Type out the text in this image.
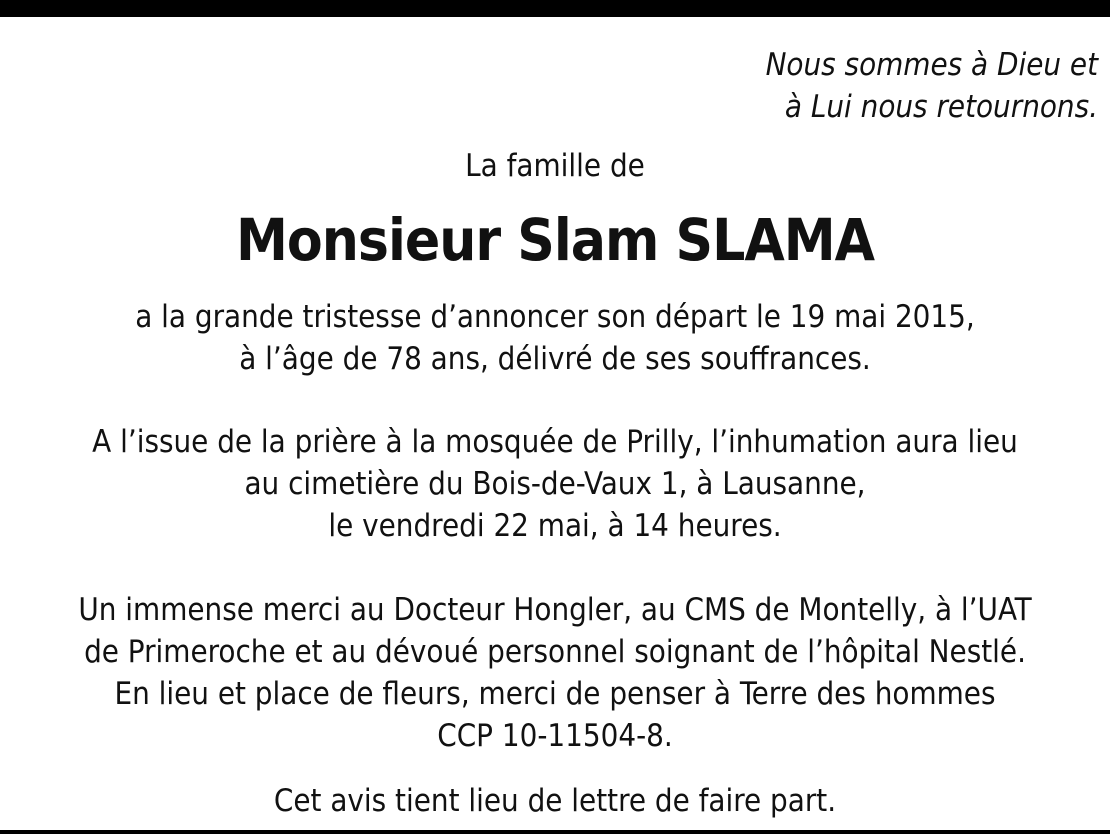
Nous sommes à Dieu et
à Lui nous retournons.
La famille de
Monsieur Slam SLAMA
a la grande tristesse d’annoncer son départ le 19 mai 2015,
à l’âge de 78 ans, délivré de ses souffrances.
A l’issue de la prière à la mosquée de Prilly, l’inhumation aura lieu
au cimetière du Bois-de-Vaux 1, à Lausanne,
le vendredi 22 mai, à 14 heures.
Un immense merci au Docteur Hongler, au CMS de Montelly, à l’UAT
de Primeroche et au dévoué personnel soignant de l’hôpital Nestlé.
En lieu et place de fleurs, merci de penser à Terre des hommes
CCP 10-11504-8.
Cet avis tient lieu de lettre de faire part.
